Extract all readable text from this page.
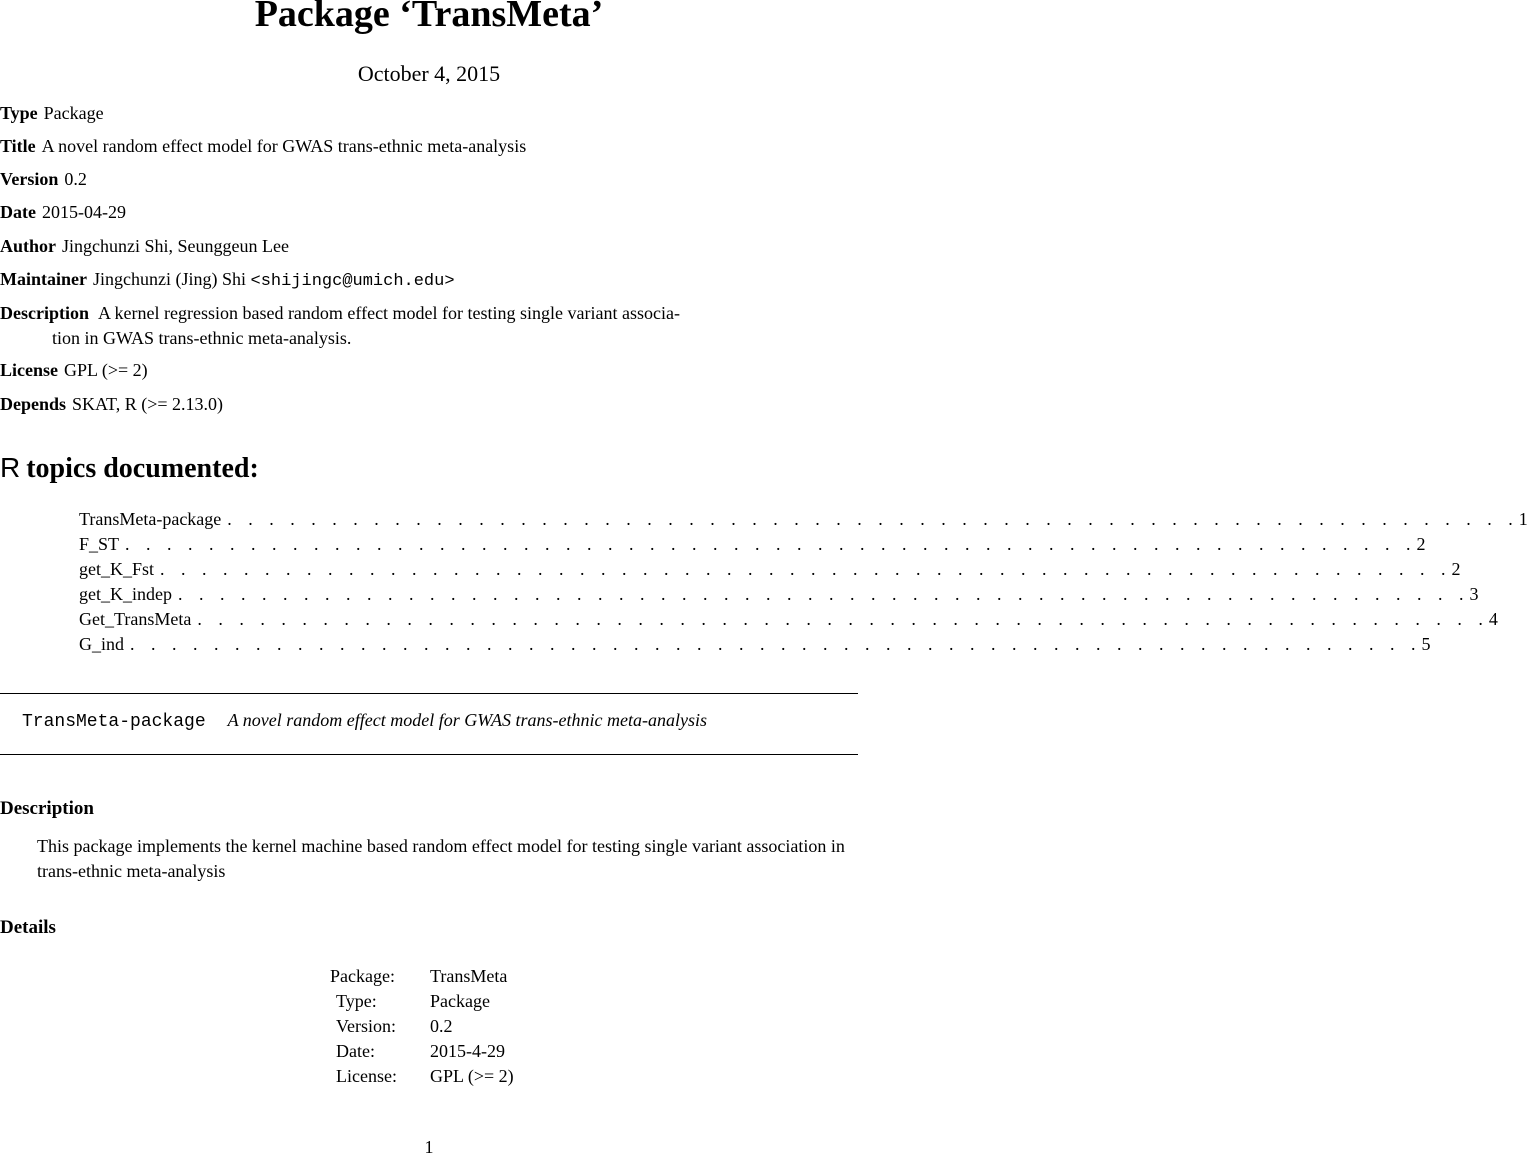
Package ‘TransMeta’
October 4, 2015
Type Package
Title A novel random effect model for GWAS trans-ethnic meta-analysis
Version 0.2
Date 2015-04-29
Author Jingchunzi Shi, Seunggeun Lee
Maintainer Jingchunzi (Jing) Shi <shijingc@umich.edu>
Description A kernel regression based random effect model for testing single variant associa-
tion in GWAS trans-ethnic meta-analysis.
License GPL (>= 2)
Depends SKAT, R (>= 2.13.0)
R topics documented:
TransMeta-package . . . . . . . . . . . . . . . . . . . . . . . . . . . . . . . . . . . . . . . . . . . . . . . . . . . . . . . . . . . . . . 1
F_ST . . . . . . . . . . . . . . . . . . . . . . . . . . . . . . . . . . . . . . . . . . . . . . . . . . . . . . . . . . . . . . 2
get_K_Fst . . . . . . . . . . . . . . . . . . . . . . . . . . . . . . . . . . . . . . . . . . . . . . . . . . . . . . . . . . . . . . 2
get_K_indep . . . . . . . . . . . . . . . . . . . . . . . . . . . . . . . . . . . . . . . . . . . . . . . . . . . . . . . . . . . . . . 3
Get_TransMeta . . . . . . . . . . . . . . . . . . . . . . . . . . . . . . . . . . . . . . . . . . . . . . . . . . . . . . . . . . . . . . 4
G_ind . . . . . . . . . . . . . . . . . . . . . . . . . . . . . . . . . . . . . . . . . . . . . . . . . . . . . . . . . . . . . . 5
TransMeta-package A novel random effect model for GWAS trans-ethnic meta-analysis
Description
This package implements the kernel machine based random effect model for testing single variant association in trans-ethnic meta-analysis
Details
Package:	TransMeta
Type:	Package
Version:	0.2
Date:	2015-4-29
License:	GPL (>= 2)
1
